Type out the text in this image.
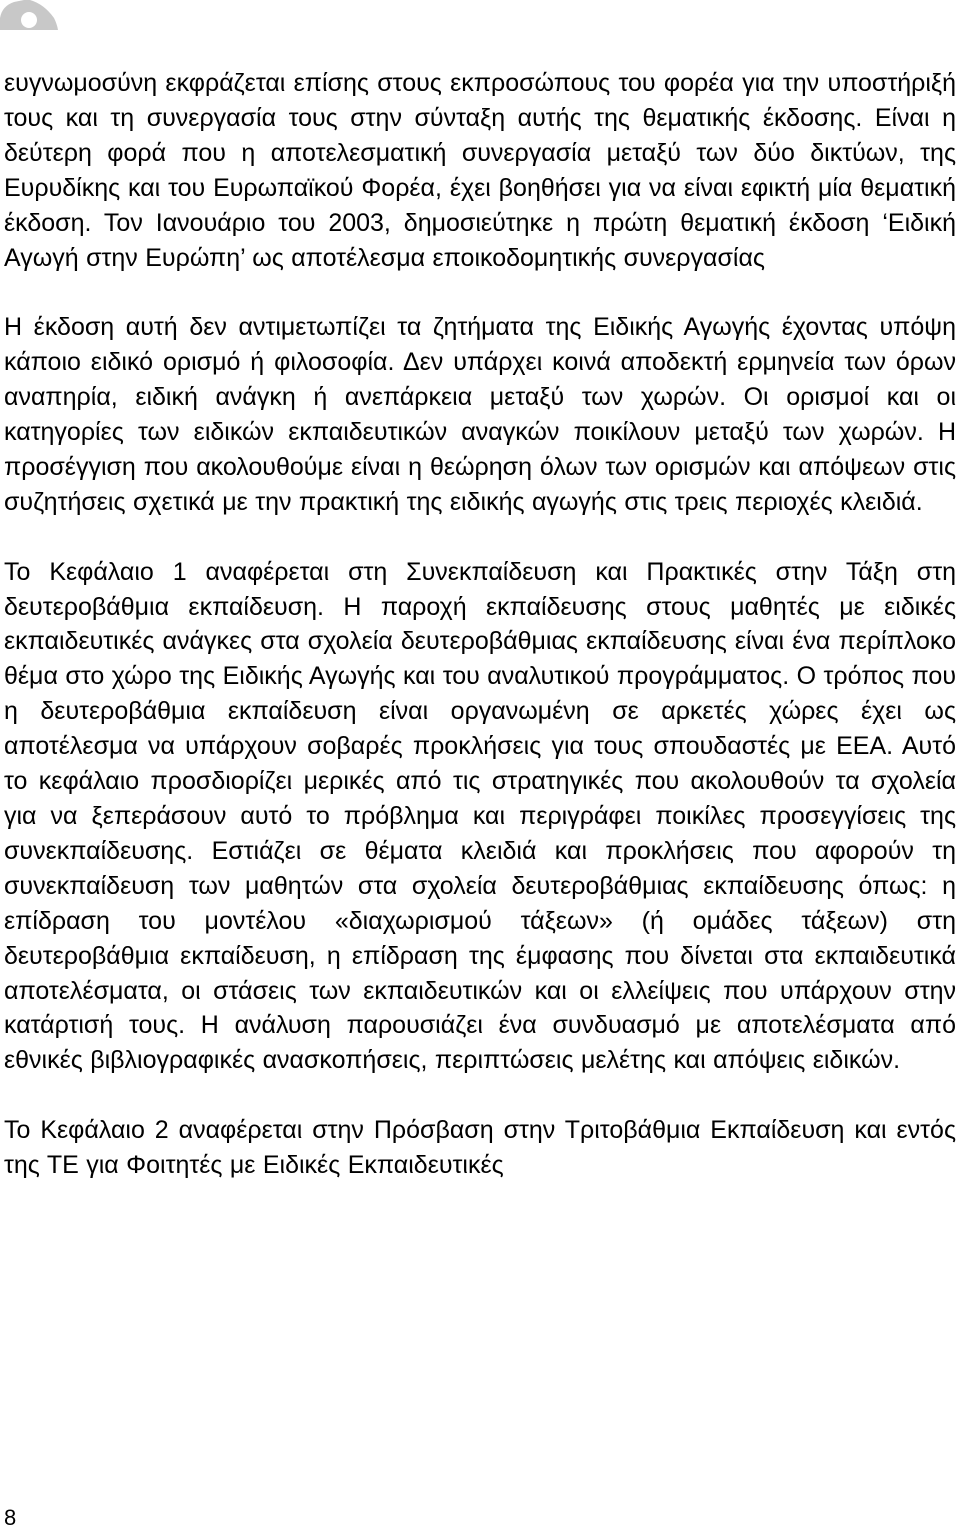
ευγνωμοσύνη εκφράζεται επίσης στους εκπροσώπους του φορέα για την υποστήριξή τους και τη συνεργασία τους στην σύνταξη αυτής της θεματικής έκδοσης. Είναι η δεύτερη φορά που η αποτελεσματική συνεργασία μεταξύ των δύο δικτύων, της Ευρυδίκης και του Ευρωπαϊκού Φορέα, έχει βοηθήσει για να είναι εφικτή μία θεματική έκδοση. Τον Ιανουάριο του 2003, δημοσιεύτηκε η πρώτη θεματική έκδοση ‘Ειδική Αγωγή στην Ευρώπη’ ως αποτέλεσμα εποικοδομητικής συνεργασίας

Η έκδοση αυτή δεν αντιμετωπίζει τα ζητήματα της Ειδικής Αγωγής έχοντας υπόψη κάποιο ειδικό ορισμό ή φιλοσοφία. Δεν υπάρχει κοινά αποδεκτή ερμηνεία των όρων αναπηρία, ειδική ανάγκη ή ανεπάρκεια μεταξύ των χωρών. Οι ορισμοί και οι κατηγορίες των ειδικών εκπαιδευτικών αναγκών ποικίλουν μεταξύ των χωρών. Η προσέγγιση που ακολουθούμε είναι η θεώρηση όλων των ορισμών και απόψεων στις συζητήσεις σχετικά με την πρακτική της ειδικής αγωγής στις τρεις περιοχές κλειδιά.

Το Κεφάλαιο 1 αναφέρεται στη Συνεκπαίδευση και Πρακτικές στην Τάξη στη δευτεροβάθμια εκπαίδευση. Η παροχή εκπαίδευσης στους μαθητές με ειδικές εκπαιδευτικές ανάγκες στα σχολεία δευτεροβάθμιας εκπαίδευσης είναι ένα περίπλοκο θέμα στο χώρο της Ειδικής Αγωγής και του αναλυτικού προγράμματος. Ο τρόπος που η δευτεροβάθμια εκπαίδευση είναι οργανωμένη σε αρκετές χώρες έχει ως αποτέλεσμα να υπάρχουν σοβαρές προκλήσεις για τους σπουδαστές με ΕΕΑ. Αυτό το κεφάλαιο προσδιορίζει μερικές από τις στρατηγικές που ακολουθούν τα σχολεία για να ξεπεράσουν αυτό το πρόβλημα και περιγράφει ποικίλες προσεγγίσεις της συνεκπαίδευσης. Εστιάζει σε θέματα κλειδιά και προκλήσεις που αφορούν τη συνεκπαίδευση των μαθητών στα σχολεία δευτεροβάθμιας εκπαίδευσης όπως: η επίδραση του μοντέλου «διαχωρισμού τάξεων» (ή ομάδες τάξεων) στη δευτεροβάθμια εκπαίδευση, η επίδραση της έμφασης που δίνεται στα εκπαιδευτικά αποτελέσματα, οι στάσεις των εκπαιδευτικών και οι ελλείψεις που υπάρχουν στην κατάρτισή τους. Η ανάλυση παρουσιάζει ένα συνδυασμό με αποτελέσματα από εθνικές βιβλιογραφικές ανασκοπήσεις, περιπτώσεις μελέτης και απόψεις ειδικών.

Το Κεφάλαιο 2 αναφέρεται στην Πρόσβαση στην Τριτοβάθμια Εκπαίδευση και εντός της ΤΕ για Φοιτητές με Ειδικές Εκπαιδευτικές

8
